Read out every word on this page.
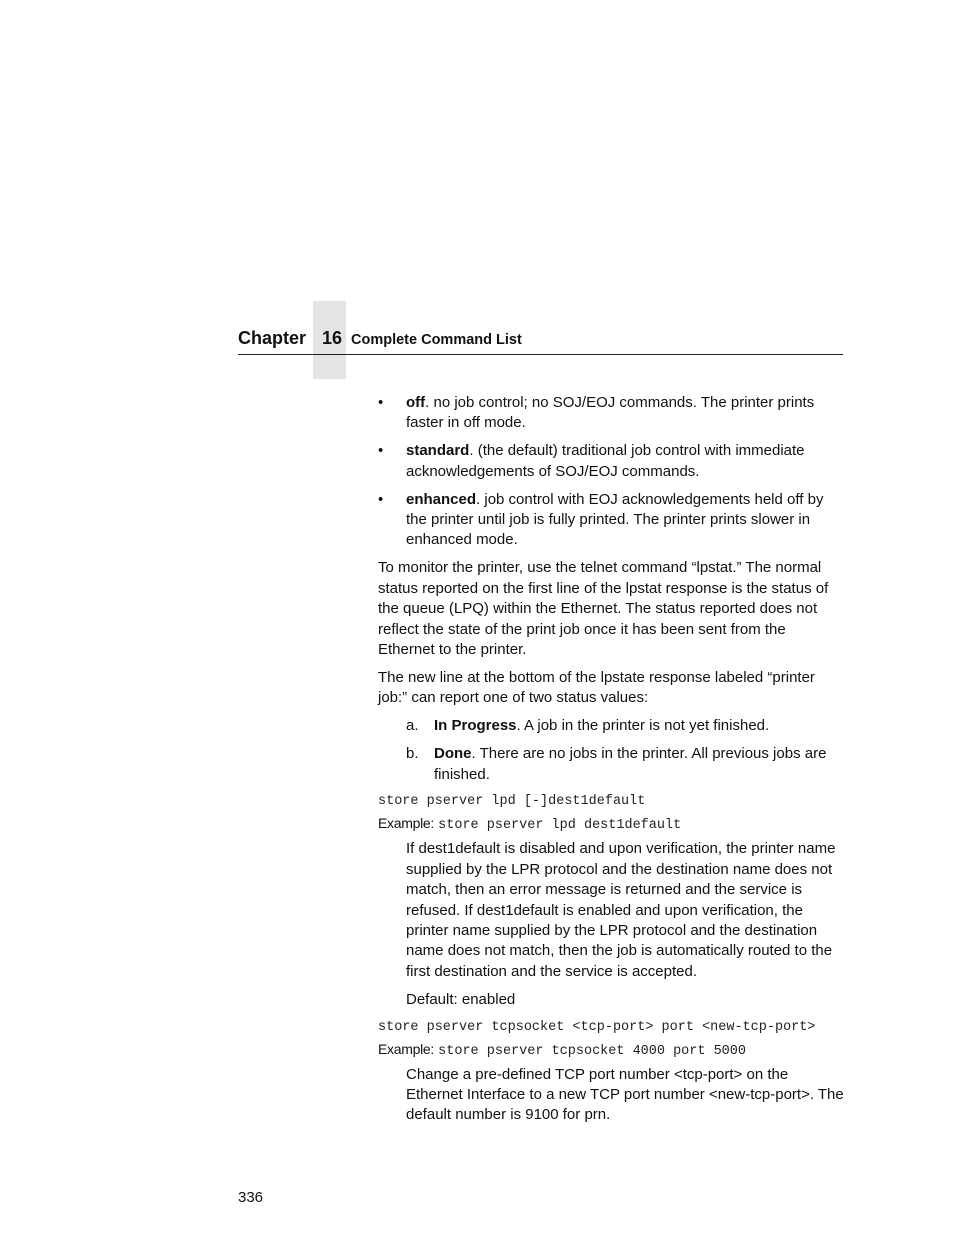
Chapter 16 Complete Command List
• off. no job control; no SOJ/EOJ commands. The printer prints faster in off mode.
• standard. (the default) traditional job control with immediate acknowledgements of SOJ/EOJ commands.
• enhanced. job control with EOJ acknowledgements held off by the printer until job is fully printed. The printer prints slower in enhanced mode.

To monitor the printer, use the telnet command “lpstat.” The normal status reported on the first line of the lpstat response is the status of the queue (LPQ) within the Ethernet. The status reported does not reflect the state of the print job once it has been sent from the Ethernet to the printer.

The new line at the bottom of the lpstate response labeled “printer job:” can report one of two status values:

a. In Progress. A job in the printer is not yet finished.
b. Done. There are no jobs in the printer. All previous jobs are finished.
store pserver lpd [-]dest1default
Example: store pserver lpd dest1default

If dest1default is disabled and upon verification, the printer name supplied by the LPR protocol and the destination name does not match, then an error message is returned and the service is refused. If dest1default is enabled and upon verification, the printer name supplied by the LPR protocol and the destination name does not match, then the job is automatically routed to the first destination and the service is accepted.

Default: enabled

store pserver tcpsocket <tcp-port> port <new-tcp-port>
Example: store pserver tcpsocket 4000 port 5000

Change a pre-defined TCP port number <tcp-port> on the Ethernet Interface to a new TCP port number <new-tcp-port>. The default number is 9100 for prn.

336
